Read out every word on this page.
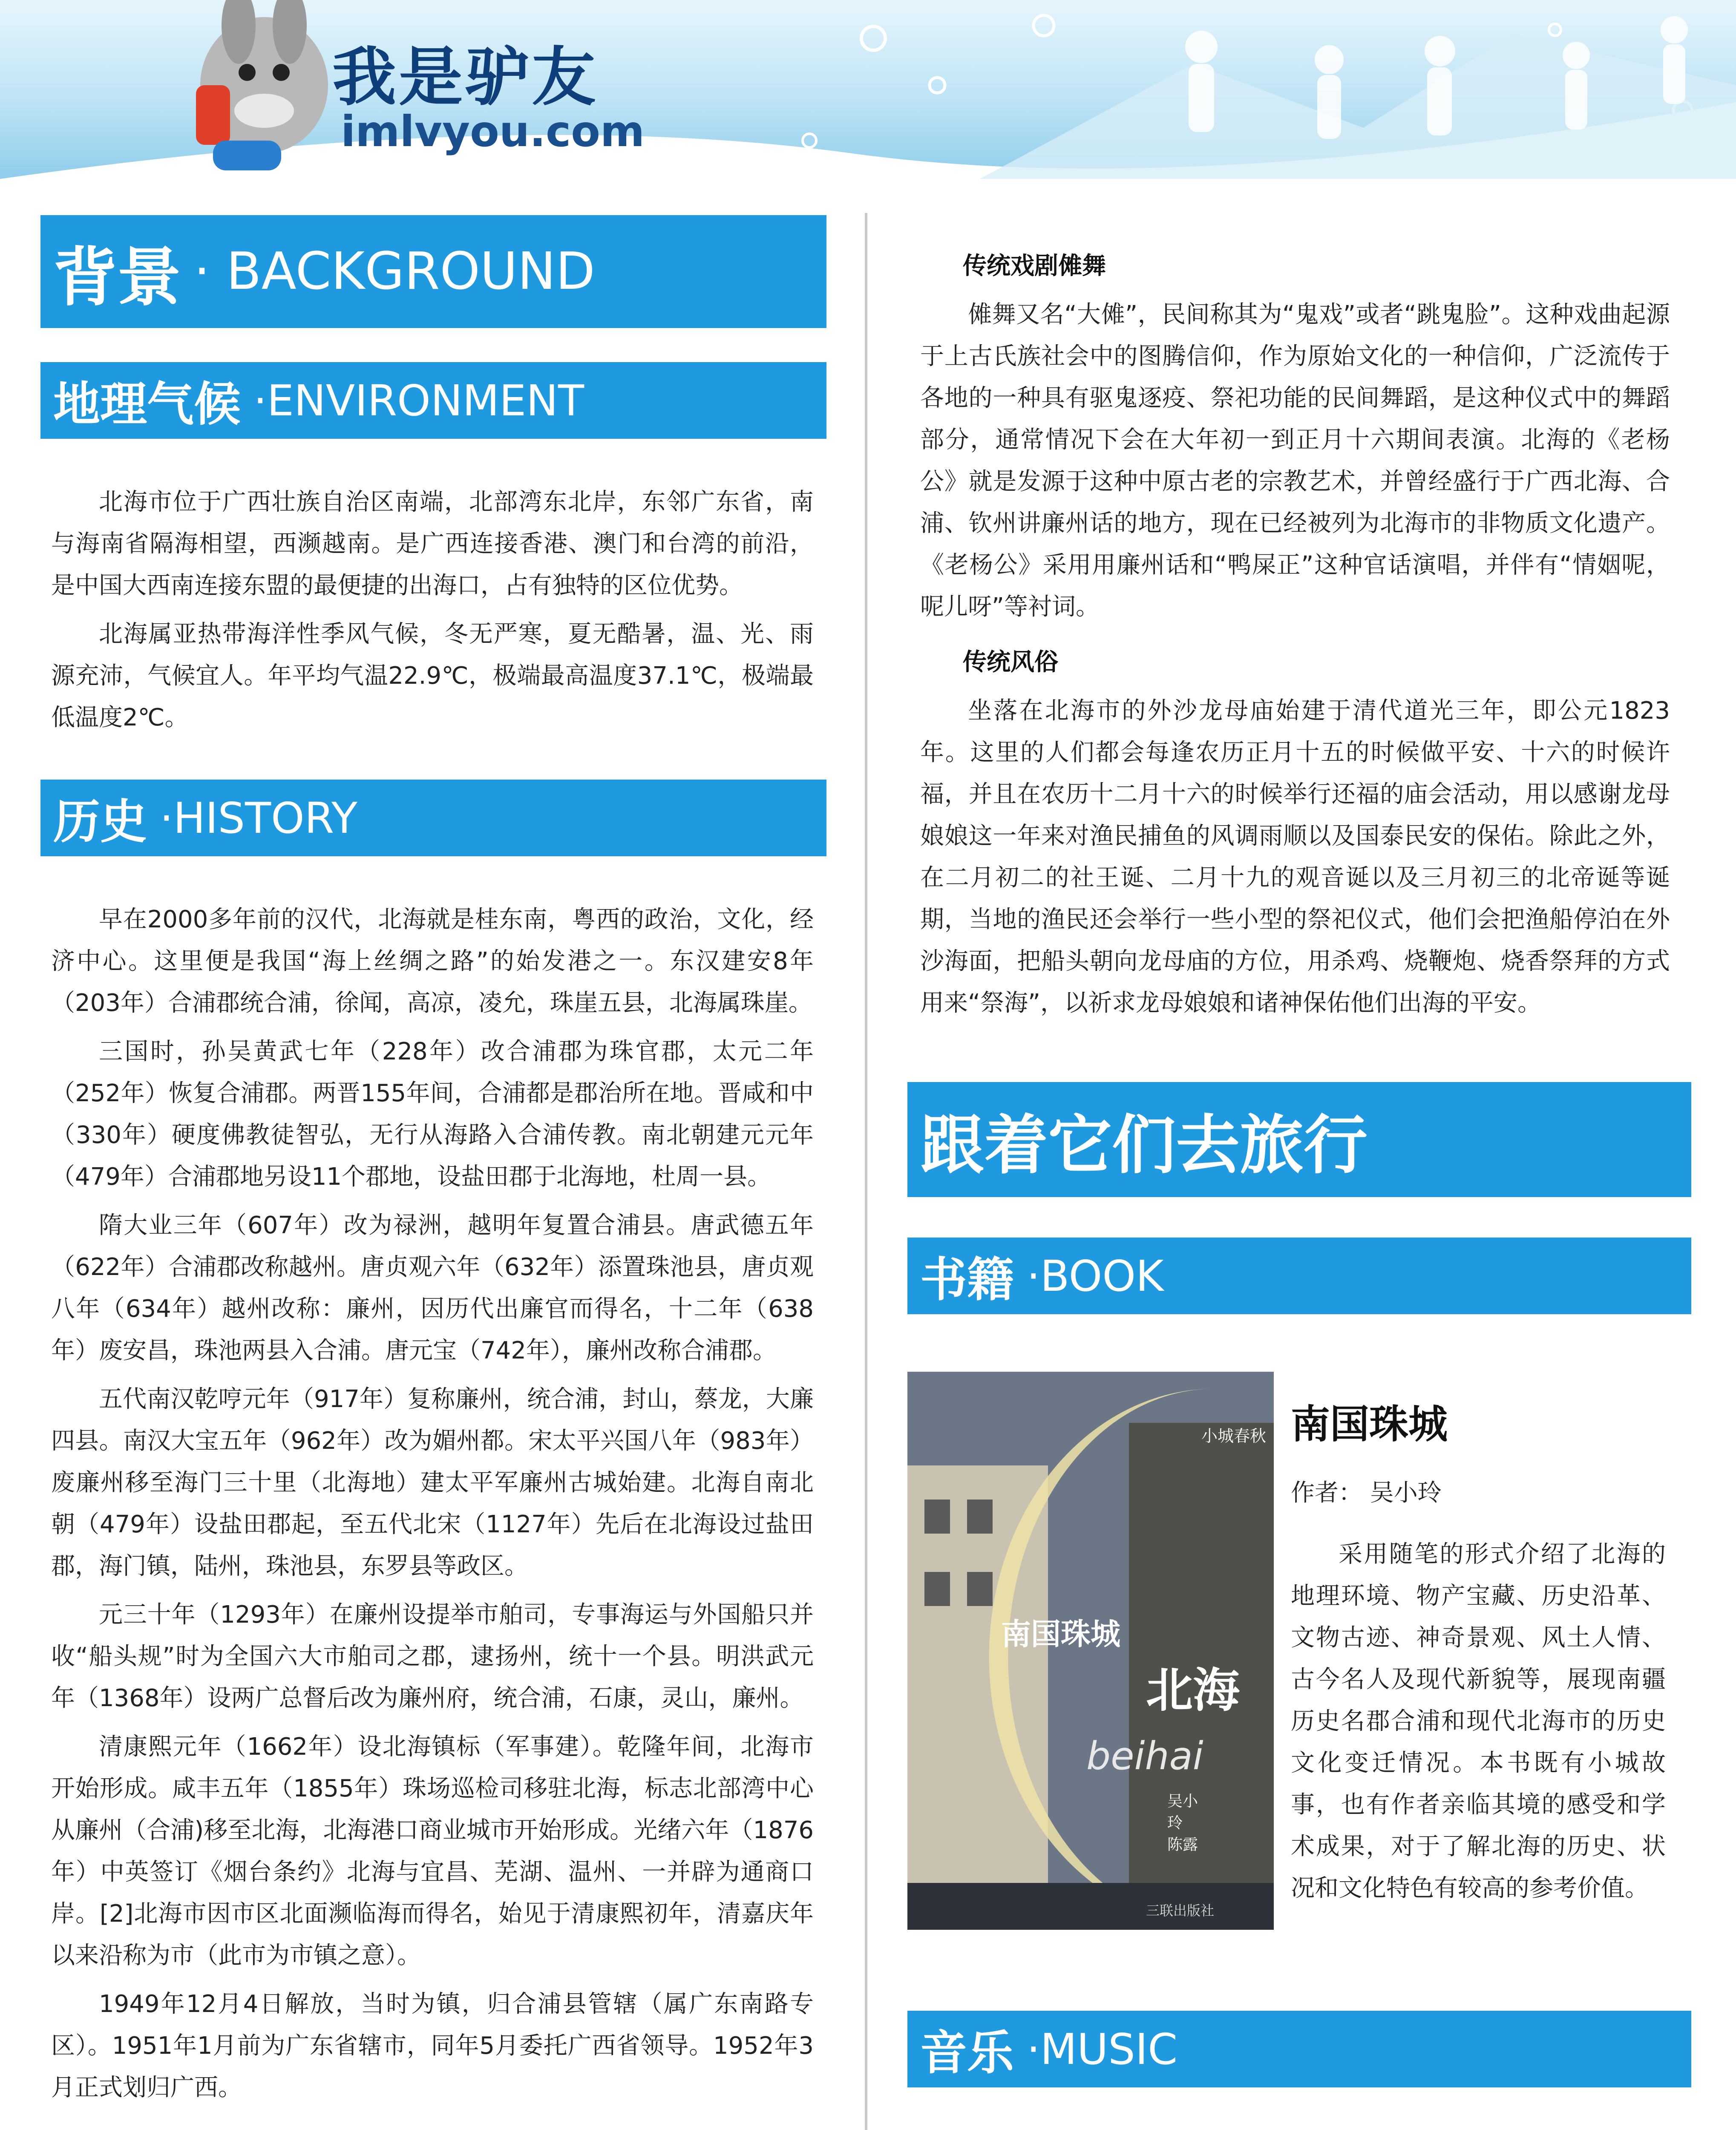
我是驴友
imlvyou.com
背景 · BACKGROUND
地理气候 ·ENVIRONMENT

北海市位于广西壮族自治区南端，北部湾东北岸，东邻广东省，南与海南省隔海相望，西濒越南。是广西连接香港、澳门和台湾的前沿，是中国大西南连接东盟的最便捷的出海口，占有独特的区位优势。

北海属亚热带海洋性季风气候，冬无严寒，夏无酷暑，温、光、雨源充沛，气候宜人。年平均气温22.9℃，极端最高温度37.1℃，极端最低温度2℃。

历史 ·HISTORY

早在2000多年前的汉代，北海就是桂东南，粤西的政治，文化，经济中心。这里便是我国“海上丝绸之路”的始发港之一。东汉建安8年（203年）合浦郡统合浦，徐闻，高凉，凌允，珠崖五县，北海属珠崖。

三国时，孙吴黄武七年（228年）改合浦郡为珠官郡，太元二年（252年）恢复合浦郡。两晋155年间，合浦都是郡治所在地。晋咸和中（330年）硬度佛教徒智弘，无行从海路入合浦传教。南北朝建元元年（479年）合浦郡地另设11个郡地，设盐田郡于北海地，杜周一县。

隋大业三年（607年）改为禄洲，越明年复置合浦县。唐武德五年（622年）合浦郡改称越州。唐贞观六年（632年）添置珠池县，唐贞观八年（634年）越州改称：廉州，因历代出廉官而得名，十二年（638年）废安昌，珠池两县入合浦。唐元宝（742年），廉州改称合浦郡。

五代南汉乾哼元年（917年）复称廉州，统合浦，封山，蔡龙，大廉四县。南汉大宝五年（962年）改为媚州都。宋太平兴国八年（983年）废廉州移至海门三十里（北海地）建太平军廉州古城始建。北海自南北朝（479年）设盐田郡起，至五代北宋（1127年）先后在北海设过盐田郡，海门镇，陆州，珠池县，东罗县等政区。

元三十年（1293年）在廉州设提举市舶司，专事海运与外国船只并收“船头规”时为全国六大市舶司之郡，逮扬州，统十一个县。明洪武元年（1368年）设两广总督后改为廉州府，统合浦，石康，灵山，廉州。

清康熙元年（1662年）设北海镇标（军事建）。乾隆年间，北海市开始形成。咸丰五年（1855年）珠场巡检司移驻北海，标志北部湾中心从廉州（合浦)移至北海，北海港口商业城市开始形成。光绪六年（1876年）中英签订《烟台条约》北海与宜昌、芜湖、温州、一并辟为通商口岸。[2]北海市因市区北面濒临海而得名，始见于清康熙初年，清嘉庆年以来沿称为市（此市为市镇之意）。

1949年12月4日解放，当时为镇，归合浦县管辖（属广东南路专区）。1951年1月前为广东省辖市，同年5月委托广西省领导。1952年3月正式划归广西。

传统戏剧傩舞

傩舞又名“大傩”，民间称其为“鬼戏”或者“跳鬼脸”。这种戏曲起源于上古氏族社会中的图腾信仰，作为原始文化的一种信仰，广泛流传于各地的一种具有驱鬼逐疫、祭祀功能的民间舞蹈，是这种仪式中的舞蹈部分，通常情况下会在大年初一到正月十六期间表演。北海的《老杨公》就是发源于这种中原古老的宗教艺术，并曾经盛行于广西北海、合浦、钦州讲廉州话的地方，现在已经被列为北海市的非物质文化遗产。《老杨公》采用用廉州话和“鸭屎正”这种官话演唱，并伴有“情姻呢，呢儿呀”等衬词。

传统风俗

坐落在北海市的外沙龙母庙始建于清代道光三年，即公元1823年。这里的人们都会每逢农历正月十五的时候做平安、十六的时候许福，并且在农历十二月十六的时候举行还福的庙会活动，用以感谢龙母娘娘这一年来对渔民捕鱼的风调雨顺以及国泰民安的保佑。除此之外，在二月初二的社王诞、二月十九的观音诞以及三月初三的北帝诞等诞期，当地的渔民还会举行一些小型的祭祀仪式，他们会把渔船停泊在外沙海面，把船头朝向龙母庙的方位，用杀鸡、烧鞭炮、烧香祭拜的方式用来“祭海”，以祈求龙母娘娘和诸神保佑他们出海的平安。

跟着它们去旅行
书籍 ·BOOK
小城春秋
南国珠城
北海
beihai
吴小玲 陈露
三联出版社
南国珠城
作者： 吴小玲

采用随笔的形式介绍了北海的地理环境、物产宝藏、历史沿革、文物古迹、神奇景观、风土人情、古今名人及现代新貌等，展现南疆历史名郡合浦和现代北海市的历史文化变迁情况。本书既有小城故事，也有作者亲临其境的感受和学术成果，对于了解北海的历史、状况和文化特色有较高的参考价值。

音乐 ·MUSIC
